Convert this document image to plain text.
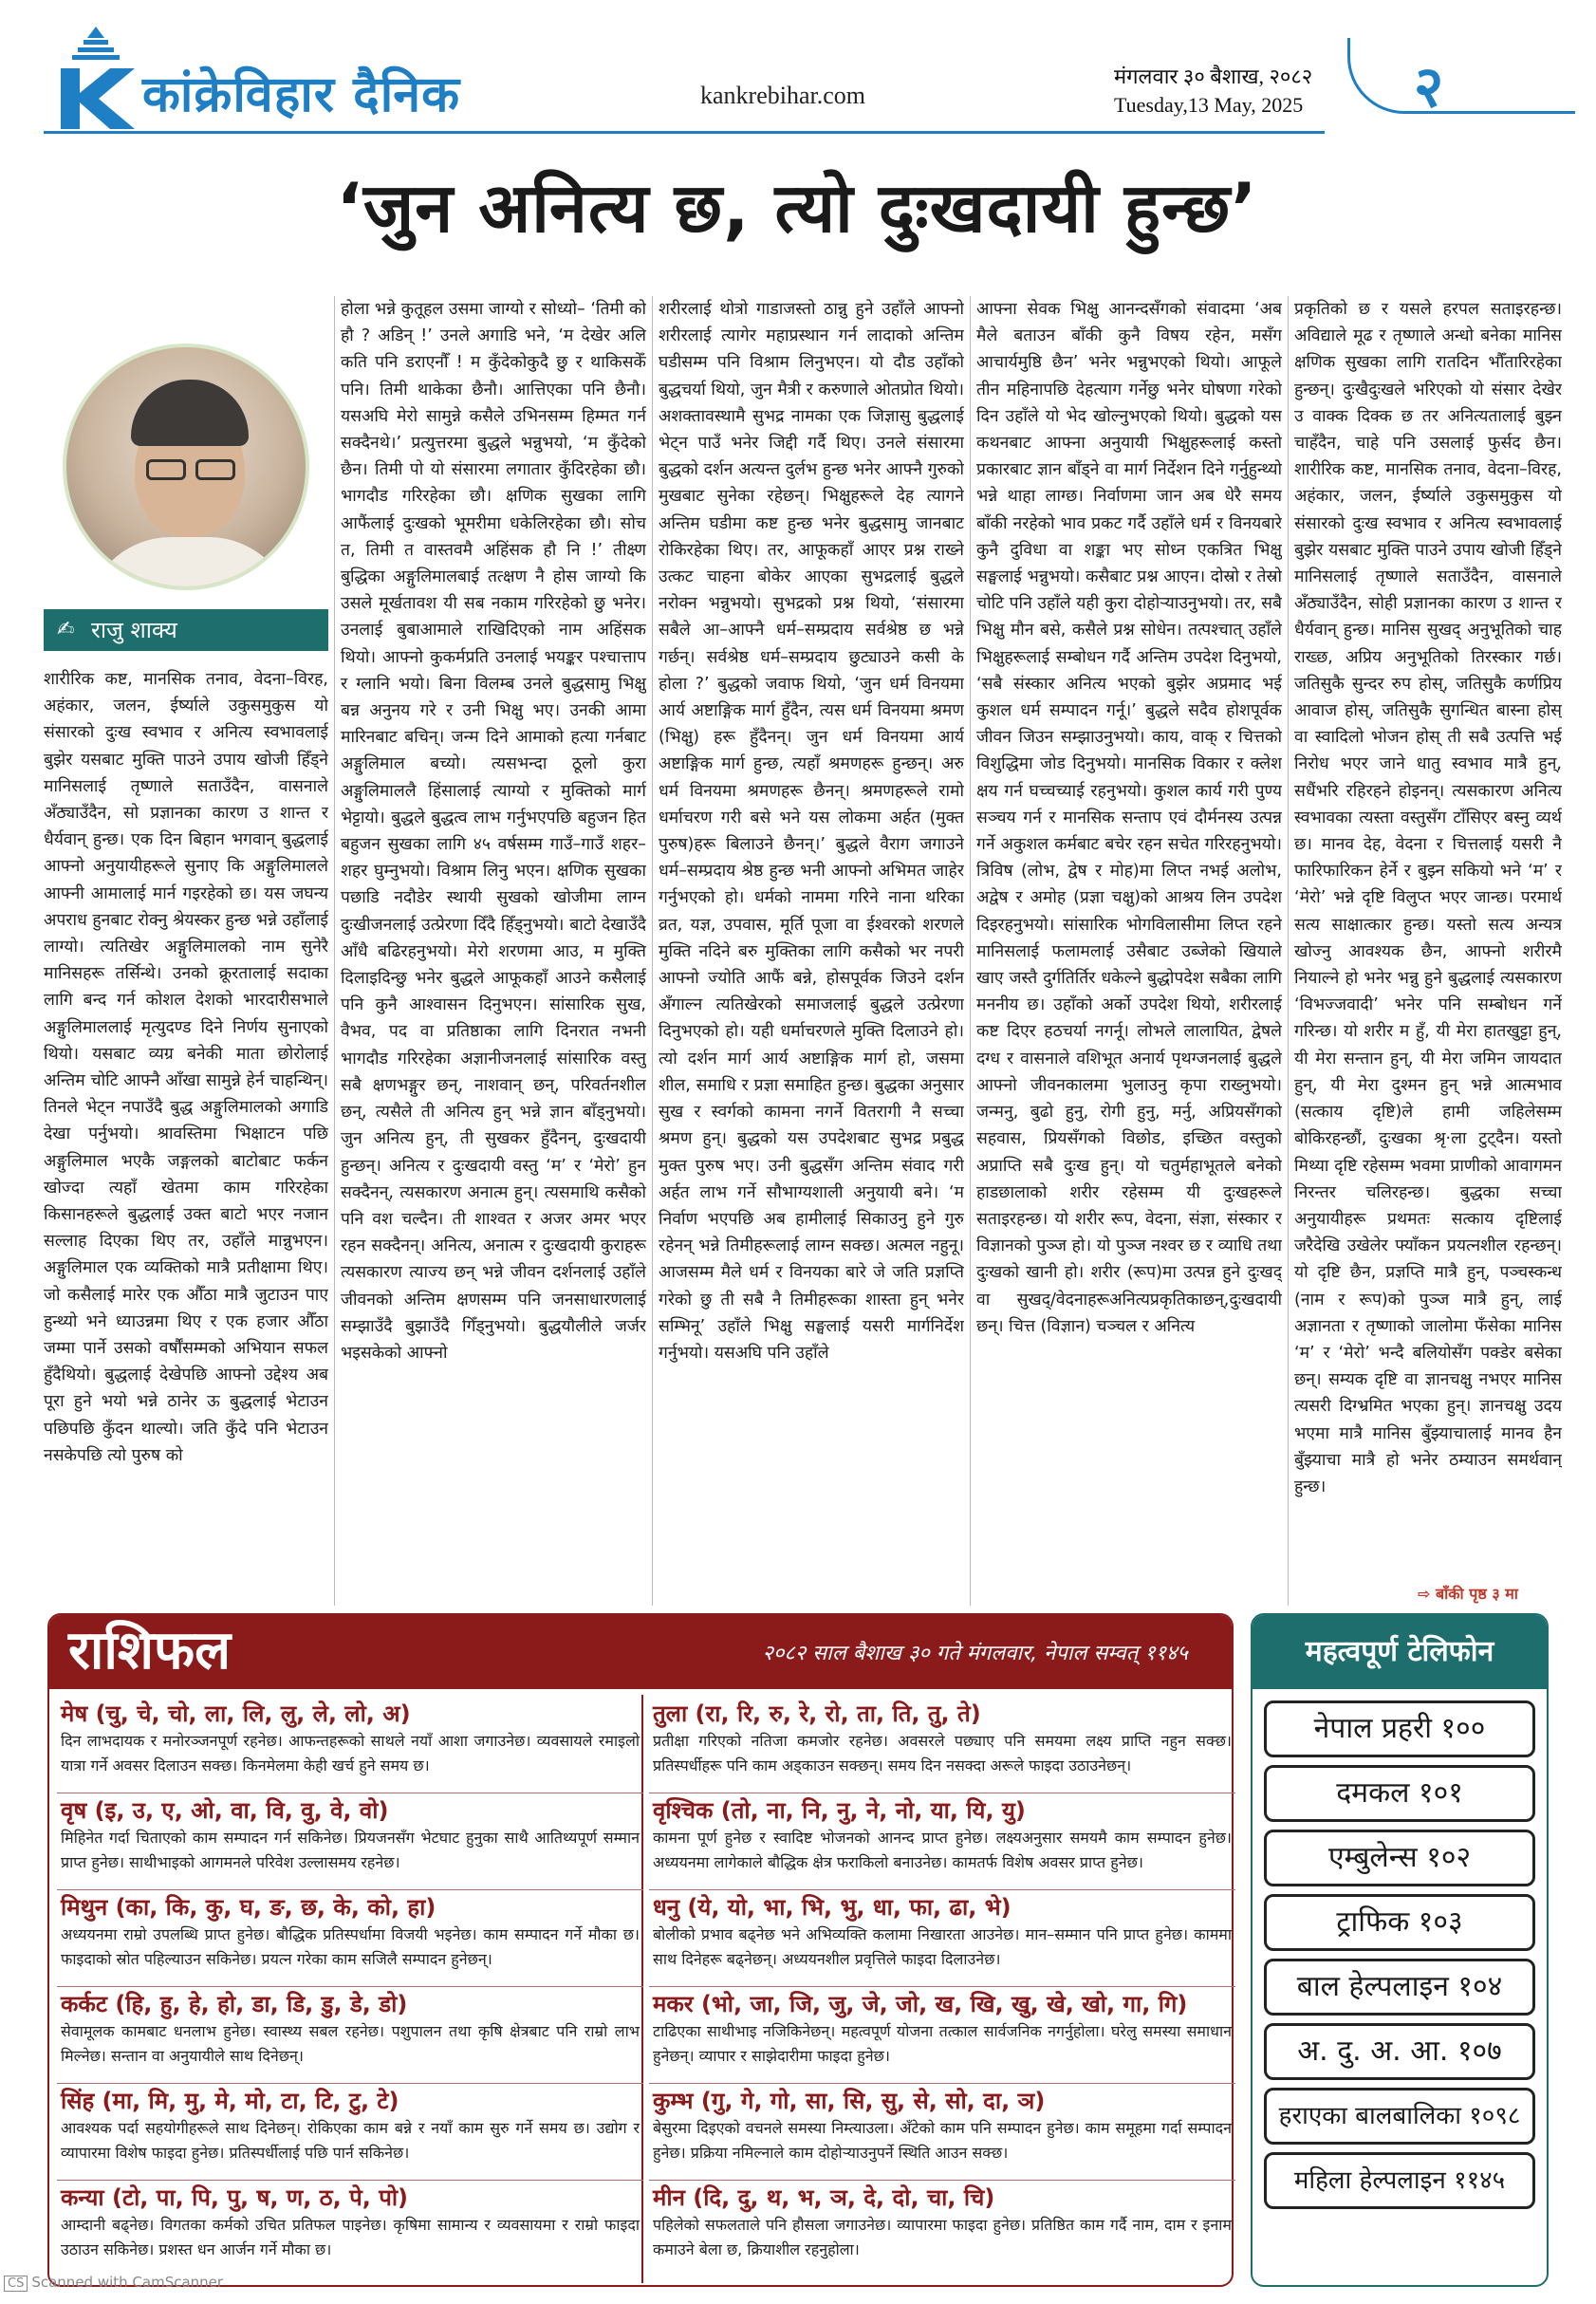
कांक्रेविहार दैनिक	kankrebihar.com
मंगलवार ३० बैशाख, २०८२
Tuesday,13 May, 2025 २
‘जुन अनित्य छ, त्यो दुःखदायी हुन्छ’
✍ राजु शाक्य

शारीरिक कष्ट, मानसिक तनाव, वेदना–विरह, अहंकार, जलन, ईर्ष्याले उकुसमुकुस यो संसारको दुःख स्वभाव र अनित्य स्वभावलाई बुझेर यसबाट मुक्ति पाउने उपाय खोजी हिँड्ने मानिसलाई तृष्णाले सताउँदैन, वासनाले अँठ्याउँदैन, सो प्रज्ञानका कारण उ शान्त र धैर्यवान् हुन्छ। एक दिन बिहान भगवान् बुद्धलाई आफ्नो अनुयायीहरूले सुनाए कि अङ्गुलिमालले आफ्नी आमालाई मार्न गइरहेको छ। यस जघन्य अपराध हुनबाट रोक्नु श्रेयस्कर हुन्छ भन्ने उहाँलाई लाग्यो। त्यतिखेर अङ्गुलिमालको नाम सुनेरै मानिसहरू तर्सिन्थे। उनको क्रूरतालाई सदाका लागि बन्द गर्न कोशल देशको भारदारीसभाले अङ्गुलिमाललाई मृत्युदण्ड दिने निर्णय सुनाएको थियो। यसबाट व्यग्र बनेकी माता छोरोलाई अन्तिम चोटि आफ्नै आँखा सामुन्ने हेर्न चाहन्थिन्। तिनले भेट्न नपाउँदै बुद्ध अङ्गुलिमालको अगाडि देखा पर्नुभयो। श्रावस्तिमा भिक्षाटन पछि अङ्गुलिमाल भएकै जङ्गलको बाटोबाट फर्कन खोज्दा त्यहाँ खेतमा काम गरिरहेका किसानहरूले बुद्धलाई उक्त बाटो भएर नजान सल्लाह दिएका थिए तर, उहाँले मान्नुभएन। अङ्गुलिमाल एक व्यक्तिको मात्रै प्रतीक्षामा थिए। जो कसैलाई मारेर एक औँठा मात्रै जुटाउन पाए हुन्थ्यो भने ध्याउन्नमा थिए र एक हजार औँठा जम्मा पार्ने उसको वर्षौंसम्मको अभियान सफल हुँदैथियो। बुद्धलाई देखेपछि आफ्नो उद्देश्य अब पूरा हुने भयो भन्ने ठानेर ऊ बुद्धलाई भेटाउन पछिपछि कुँदन थाल्यो। जति कुँदे पनि भेटाउन नसकेपछि त्यो पुरुष को

होला भन्ने कुतूहल उसमा जाग्यो र सोध्यो– ‘तिमी को हौ ? अडिन् !’ उनले अगाडि भने, ‘म देखेर अलि कति पनि डराएनौँ ! म कुँदेकोकुदै छु र थाकिसकेँ पनि। तिमी थाकेका छैनौ। आत्तिएका पनि छैनौ। यसअघि मेरो सामुन्ने कसैले उभिनसम्म हिम्मत गर्न सक्दैनथे।’ प्रत्युत्तरमा बुद्धले भन्नुभयो, ‘म कुँदेको छैन। तिमी पो यो संसारमा लगातार कुँदिरहेका छौ। भागदौड गरिरहेका छौ। क्षणिक सुखका लागि आफैंलाई दुःखको भूमरीमा धकेलिरहेका छौ। सोच त, तिमी त वास्तवमै अहिंसक हौ नि !’ तीक्ष्ण बुद्धिका अङ्गुलिमालबाई तत्क्षण नै होस जाग्यो कि उसले मूर्खतावश यी सब नकाम गरिरहेको छु भनेर। उनलाई बुबाआमाले राखिदिएको नाम अहिंसक थियो। आफ्नो कुकर्मप्रति उनलाई भयङ्कर पश्चात्ताप र ग्लानि भयो। बिना विलम्ब उनले बुद्धसामु भिक्षु बन्न अनुनय गरे र उनी भिक्षु भए। उनकी आमा मारिनबाट बचिन्। जन्म दिने आमाको हत्या गर्नबाट अङ्गुलिमाल बच्यो। त्यसभन्दा ठूलो कुरा अङ्गुलिमाललै हिंसालाई त्याग्यो र मुक्तिको मार्ग भेट्टायो। बुद्धले बुद्धत्व लाभ गर्नुभएपछि बहुजन हित बहुजन सुखका लागि ४५ वर्षसम्म गाउँ–गाउँ शहर–शहर घुम्नुभयो। विश्राम लिनु भएन। क्षणिक सुखका पछाडि नदौडेर स्थायी सुखको खोजीमा लाग्न दुःखीजनलाई उत्प्रेरणा दिँदै हिँड्नुभयो। बाटो देखाउँदै आँधै बढिरहनुभयो। मेरो शरणमा आउ, म मुक्ति दिलाइदिन्छु भनेर बुद्धले आफूकहाँ आउने कसैलाई पनि कुनै आश्वासन दिनुभएन। सांसारिक सुख, वैभव, पद वा प्रतिष्ठाका लागि दिनरात नभनी भागदौड गरिरहेका अज्ञानीजनलाई सांसारिक वस्तु सबै क्षणभङ्गुर छन्, नाशवान् छन्, परिवर्तनशील छन्, त्यसैले ती अनित्य हुन् भन्ने ज्ञान बाँड्नुभयो। जुन अनित्य हुन्, ती सुखकर हुँदैनन्, दुःखदायी हुन्छन्। अनित्य र दुःखदायी वस्तु ‘म’ र ‘मेरो’ हुन सक्दैनन्, त्यसकारण अनात्म हुन्। त्यसमाथि कसैको पनि वश चल्दैन। ती शाश्वत र अजर अमर भएर रहन सक्दैनन्। अनित्य, अनात्म र दुःखदायी कुराहरू त्यसकारण त्याज्य छन् भन्ने जीवन दर्शनलाई उहाँले जीवनको अन्तिम क्षणसम्म पनि जनसाधारणलाई सम्झाउँदै बुझाउँदै गिँड्नुभयो। बुद्धयौलीले जर्जर भइसकेको आफ्नो

शरीरलाई थोत्रो गाडाजस्तो ठान्नु हुने उहाँले आफ्नो शरीरलाई त्यागेर महाप्रस्थान गर्न लादाको अन्तिम घडीसम्म पनि विश्राम लिनुभएन। यो दौड उहाँको बुद्धचर्या थियो, जुन मैत्री र करुणाले ओतप्रोत थियो। अशक्तावस्थामै सुभद्र नामका एक जिज्ञासु बुद्धलाई भेट्न पाउँ भनेर जिद्दी गर्दै थिए। उनले संसारमा बुद्धको दर्शन अत्यन्त दुर्लभ हुन्छ भनेर आफ्नै गुरुको मुखबाट सुनेका रहेछन्। भिक्षुहरूले देह त्यागने अन्तिम घडीमा कष्ट हुन्छ भनेर बुद्धसामु जानबाट रोकिरहेका थिए। तर, आफूकहाँ आएर प्रश्न राख्ने उत्कट चाहना बोकेर आएका सुभद्रलाई बुद्धले नरोक्न भन्नुभयो। सुभद्रको प्रश्न थियो, ‘संसारमा सबैले आ–आफ्नै धर्म–सम्प्रदाय सर्वश्रेष्ठ छ भन्ने गर्छन्। सर्वश्रेष्ठ धर्म–सम्प्रदाय छुट्याउने कसी के होला ?’ बुद्धको जवाफ थियो, ‘जुन धर्म विनयमा आर्य अष्टाङ्गिक मार्ग हुँदैन, त्यस धर्म विनयमा श्रमण (भिक्षु) हरू हुँदैनन्। जुन धर्म विनयमा आर्य अष्टाङ्गिक मार्ग हुन्छ, त्यहाँ श्रमणहरू हुन्छन्। अरु धर्म विनयमा श्रमणहरू छैनन्। श्रमणहरूले रामो धर्माचरण गरी बसे भने यस लोकमा अर्हत (मुक्त पुरुष)हरू बिलाउने छैनन्।’ बुद्धले वैराग जगाउने धर्म–सम्प्रदाय श्रेष्ठ हुन्छ भनी आफ्नो अभिमत जाहेर गर्नुभएको हो। धर्मको नाममा गरिने नाना थरिका व्रत, यज्ञ, उपवास, मूर्ति पूजा वा ईश्वरको शरणले मुक्ति नदिने बरु मुक्तिका लागि कसैको भर नपरी आफ्नो ज्योति आफैं बन्ने, होसपूर्वक जिउने दर्शन अँगाल्न त्यतिखेरको समाजलाई बुद्धले उत्प्रेरणा दिनुभएको हो। यही धर्माचरणले मुक्ति दिलाउने हो। त्यो दर्शन मार्ग आर्य अष्टाङ्गिक मार्ग हो, जसमा शील, समाधि र प्रज्ञा समाहित हुन्छ। बुद्धका अनुसार सुख र स्वर्गको कामना नगर्ने वितरागी नै सच्चा श्रमण हुन्। बुद्धको यस उपदेशबाट सुभद्र प्रबुद्ध मुक्त पुरुष भए। उनी बुद्धसँग अन्तिम संवाद गरी अर्हत लाभ गर्ने सौभाग्यशाली अनुयायी बने। ‘म निर्वाण भएपछि अब हामीलाई सिकाउनु हुने गुरु रहेनन् भन्ने तिमीहरूलाई लाग्न सक्छ। अत्मल नहुनू। आजसम्म मैले धर्म र विनयका बारे जे जति प्रज्ञप्ति गरेको छु ती सबै नै तिमीहरूका शास्ता हुन् भनेर सम्भिनू’ उहाँले भिक्षु सङ्घलाई यसरी मार्गनिर्देश गर्नुभयो। यसअघि पनि उहाँले

आफ्ना सेवक भिक्षु आनन्दसँगको संवादमा ‘अब मैले बताउन बाँकी कुनै विषय रहेन, मसँग आचार्यमुष्ठि छैन’ भनेर भन्नुभएको थियो। आफूले तीन महिनापछि देहत्याग गर्नेछु भनेर घोषणा गरेको दिन उहाँले यो भेद खोल्नुभएको थियो। बुद्धको यस कथनबाट आफ्ना अनुयायी भिक्षुहरूलाई कस्तो प्रकारबाट ज्ञान बाँड्ने वा मार्ग निर्देशन दिने गर्नुहुन्थ्यो भन्ने थाहा लाग्छ। निर्वाणमा जान अब धेरै समय बाँकी नरहेको भाव प्रकट गर्दै उहाँले धर्म र विनयबारे कुनै दुविधा वा शङ्का भए सोध्न एकत्रित भिक्षु सङ्घलाई भन्नुभयो। कसैबाट प्रश्न आएन। दोस्रो र तेस्रो चोटि पनि उहाँले यही कुरा दोहोऱ्याउनुभयो। तर, सबै भिक्षु मौन बसे, कसैले प्रश्न सोधेन। तत्पश्चात् उहाँले भिक्षुहरूलाई सम्बोधन गर्दै अन्तिम उपदेश दिनुभयो, ‘सबै संस्कार अनित्य भएको बुझेर अप्रमाद भई कुशल धर्म सम्पादन गर्नू।’ बुद्धले सदैव होशपूर्वक जीवन जिउन सम्झाउनुभयो। काय, वाक् र चित्तको विशुद्धिमा जोड दिनुभयो। मानसिक विकार र क्लेश क्षय गर्न घच्चच्याई रहनुभयो। कुशल कार्य गरी पुण्य सञ्चय गर्न र मानसिक सन्ताप एवं दौर्मनस्य उत्पन्न गर्ने अकुशल कर्मबाट बचेर रहन सचेत गरिरहनुभयो। त्रिविष (लोभ, द्वेष र मोह)मा लिप्त नभई अलोभ, अद्वेष र अमोह (प्रज्ञा चक्षु)को आश्रय लिन उपदेश दिइरहनुभयो। सांसारिक भोगविलासीमा लिप्त रहने मानिसलाई फलामलाई उसैबाट उब्जेको खियाले खाए जस्तै दुर्गतिर्तिर धकेल्ने बुद्धोपदेश सबैका लागि मननीय छ। उहाँको अर्को उपदेश थियो, शरीरलाई कष्ट दिएर हठचर्या नगर्नू। लोभले लालायित, द्वेषले दग्ध र वासनाले वशिभूत अनार्य पृथग्जनलाई बुद्धले आफ्नो जीवनकालमा भुलाउनु कृपा राख्नुभयो। जन्मनु, बुढो हुनु, रोगी हुनु, मर्नु, अप्रियसँगको सहवास, प्रियसँगको विछोड, इच्छित वस्तुको अप्राप्ति सबै दुःख हुन्। यो चतुर्महाभूतले बनेको हाडछालाको शरीर रहेसम्म यी दुःखहरूले सताइरहन्छ। यो शरीर रूप, वेदना, संज्ञा, संस्कार र विज्ञानको पुञ्ज हो। यो पुञ्ज नश्वर छ र व्याधि तथा दुःखको खानी हो। शरीर (रूप)मा उत्पन्न हुने दुःखद् वा सुखद्/वेदनाहरूअनित्यप्रकृतिकाछन्,दुःखदायी छन्। चित्त (विज्ञान) चञ्चल र अनित्य

प्रकृतिको छ र यसले हरपल सताइरहन्छ। अविद्याले मूढ र तृष्णाले अन्धो बनेका मानिस क्षणिक सुखका लागि रातदिन भौँतारिरहेका हुन्छन्। दुःखैदुःखले भरिएको यो संसार देखेर उ वाक्क दिक्क छ तर अनित्यतालाई बुझ्न चाहँदैन, चाहे पनि उसलाई फुर्सद छैन। शारीरिक कष्ट, मानसिक तनाव, वेदना–विरह, अहंकार, जलन, ईर्ष्याले उकुसमुकुस यो संसारको दुःख स्वभाव र अनित्य स्वभावलाई बुझेर यसबाट मुक्ति पाउने उपाय खोजी हिँड्ने मानिसलाई तृष्णाले सताउँदैन, वासनाले अँठ्याउँदैन, सोही प्रज्ञानका कारण उ शान्त र धैर्यवान् हुन्छ। मानिस सुखद् अनुभूतिको चाह राख्छ, अप्रिय अनुभूतिको तिरस्कार गर्छ। जतिसुकै सुन्दर रुप होस्, जतिसुकै कर्णप्रिय आवाज होस्, जतिसुकै सुगन्धित बास्ना होस् वा स्वादिलो भोजन होस् ती सबै उत्पत्ति भई निरोध भएर जाने धातु स्वभाव मात्रै हुन्, सधैंभरि रहिरहने होइनन्। त्यसकारण अनित्य स्वभावका त्यस्ता वस्तुसँग टाँसिएर बस्नु व्यर्थ छ। मानव देह, वेदना र चित्तलाई यसरी नै फारिफारिकन हेर्ने र बुझ्न सकियो भने ‘म’ र ‘मेरो’ भन्ने दृष्टि विलुप्त भएर जान्छ। परमार्थ सत्य साक्षात्कार हुन्छ। यस्तो सत्य अन्यत्र खोज्नु आवश्यक छैन, आफ्नो शरीरमै नियाल्ने हो भनेर भन्नु हुने बुद्धलाई त्यसकारण ‘विभज्जवादी’ भनेर पनि सम्बोधन गर्ने गरिन्छ। यो शरीर म हुँ, यी मेरा हातखुट्टा हुन्, यी मेरा सन्तान हुन्, यी मेरा जमिन जायदात हुन्, यी मेरा दुश्मन हुन् भन्ने आत्मभाव (सत्काय दृष्टि)ले हामी जहिलेसम्म बोकिरहन्छौं, दुःखका श्रृ·ला टुट्दैन। यस्तो मिथ्या दृष्टि रहेसम्म भवमा प्राणीको आवागमन निरन्तर चलिरहन्छ। बुद्धका सच्चा अनुयायीहरू प्रथमतः सत्काय दृष्टिलाई जरैदेखि उखेलेर फ्याँकन प्रयत्नशील रहन्छन्। यो दृष्टि छैन, प्रज्ञप्ति मात्रै हुन्, पञ्चस्कन्ध (नाम र रूप)को पुञ्ज मात्रै हुन्, लाई अज्ञानता र तृष्णाको जालोमा फँसेका मानिस ‘म’ र ‘मेरो’ भन्दै बलियोसँग पक्डेर बसेका छन्। सम्यक दृष्टि वा ज्ञानचक्षु नभएर मानिस त्यसरी दिग्भ्रमित भएका हुन्। ज्ञानचक्षु उदय भएमा मात्रै मानिस बुँझ्याचालाई मानव हैन बुँझ्याचा मात्रै हो भनेर ठम्याउन समर्थवान् हुन्छ।

⇨ बाँकी पृष्ठ ३ मा
राशिफल	२०८२ साल बैशाख ३० गते मंगलवार, नेपाल सम्वत् ११४५
मेष (चु, चे, चो, ला, लि, लु, ले, लो, अ)
दिन लाभदायक र मनोरञ्जनपूर्ण रहनेछ। आफन्तहरूको साथले नयाँ आशा जगाउनेछ। व्यवसायले रमाइलो यात्रा गर्ने अवसर दिलाउन सक्छ। किनमेलमा केही खर्च हुने समय छ।
वृष (इ, उ, ए, ओ, वा, वि, वु, वे, वो)
मिहिनेत गर्दा चिताएको काम सम्पादन गर्न सकिनेछ। प्रियजनसँग भेटघाट हुनुका साथै आतिथ्यपूर्ण सम्मान प्राप्त हुनेछ। साथीभाइको आगमनले परिवेश उल्लासमय रहनेछ।
मिथुन (का, कि, कु, घ, ङ, छ, के, को, हा)
अध्ययनमा राम्रो उपलब्धि प्राप्त हुनेछ। बौद्धिक प्रतिस्पर्धामा विजयी भइनेछ। काम सम्पादन गर्ने मौका छ। फाइदाको स्रोत पहिल्याउन सकिनेछ। प्रयत्न गरेका काम सजिलै सम्पादन हुनेछन्।
कर्कट (हि, हु, हे, हो, डा, डि, डु, डे, डो)
सेवामूलक कामबाट धनलाभ हुनेछ। स्वास्थ्य सबल रहनेछ। पशुपालन तथा कृषि क्षेत्रबाट पनि राम्रो लाभ मिल्नेछ। सन्तान वा अनुयायीले साथ दिनेछन्।
सिंह (मा, मि, मु, मे, मो, टा, टि, टु, टे)
आवश्यक पर्दा सहयोगीहरूले साथ दिनेछन्। रोकिएका काम बन्ने र नयाँ काम सुरु गर्ने समय छ। उद्योग र व्यापारमा विशेष फाइदा हुनेछ। प्रतिस्पर्धीलाई पछि पार्न सकिनेछ।
कन्या (टो, पा, पि, पु, ष, ण, ठ, पे, पो)
आम्दानी बढ्नेछ। विगतका कर्मको उचित प्रतिफल पाइनेछ। कृषिमा सामान्य र व्यवसायमा र राम्रो फाइदा उठाउन सकिनेछ। प्रशस्त धन आर्जन गर्ने मौका छ।
तुला (रा, रि, रु, रे, रो, ता, ति, तु, ते)
प्रतीक्षा गरिएको नतिजा कमजोर रहनेछ। अवसरले पछ्याए पनि समयमा लक्ष्य प्राप्ति नहुन सक्छ। प्रतिस्पर्धीहरू पनि काम अड्काउन सक्छन्। समय दिन नसक्दा अरूले फाइदा उठाउनेछन्।
वृश्चिक (तो, ना, नि, नु, ने, नो, या, यि, यु)
कामना पूर्ण हुनेछ र स्वादिष्ट भोजनको आनन्द प्राप्त हुनेछ। लक्ष्यअनुसार समयमै काम सम्पादन हुनेछ। अध्ययनमा लागेकाले बौद्धिक क्षेत्र फराकिलो बनाउनेछ। कामतर्फ विशेष अवसर प्राप्त हुनेछ।
धनु (ये, यो, भा, भि, भु, धा, फा, ढा, भे)
बोलीको प्रभाव बढ्नेछ भने अभिव्यक्ति कलामा निखारता आउनेछ। मान–सम्मान पनि प्राप्त हुनेछ। काममा साथ दिनेहरू बढ्नेछन्। अध्ययनशील प्रवृत्तिले फाइदा दिलाउनेछ।
मकर (भो, जा, जि, जु, जे, जो, ख, खि, खु, खे, खो, गा, गि)
टाढिएका साथीभाइ नजिकिनेछन्। महत्वपूर्ण योजना तत्काल सार्वजनिक नगर्नुहोला। घरेलु समस्या समाधान हुनेछन्। व्यापार र साझेदारीमा फाइदा हुनेछ।
कुम्भ (गु, गे, गो, सा, सि, सु, से, सो, दा, ञ)
बेसुरमा दिइएको वचनले समस्या निम्त्याउला। अँटेको काम पनि सम्पादन हुनेछ। काम समूहमा गर्दा सम्पादन हुनेछ। प्रक्रिया नमिल्नाले काम दोहोऱ्याउनुपर्ने स्थिति आउन सक्छ।
मीन (दि, दु, थ, भ, ञ, दे, दो, चा, चि)
पहिलेको सफलताले पनि हौसला जगाउनेछ। व्यापारमा फाइदा हुनेछ। प्रतिष्ठित काम गर्दै नाम, दाम र इनाम कमाउने बेला छ, क्रियाशील रहनुहोला।
महत्वपूर्ण टेलिफोन
नेपाल प्रहरी १००
दमकल १०१
एम्बुलेन्स १०२
ट्राफिक १०३
बाल हेल्पलाइन १०४
अ. दु. अ. आ. १०७
हराएका बालबालिका १०९८
महिला हेल्पलाइन ११४५
CS Scanned with CamScanner
